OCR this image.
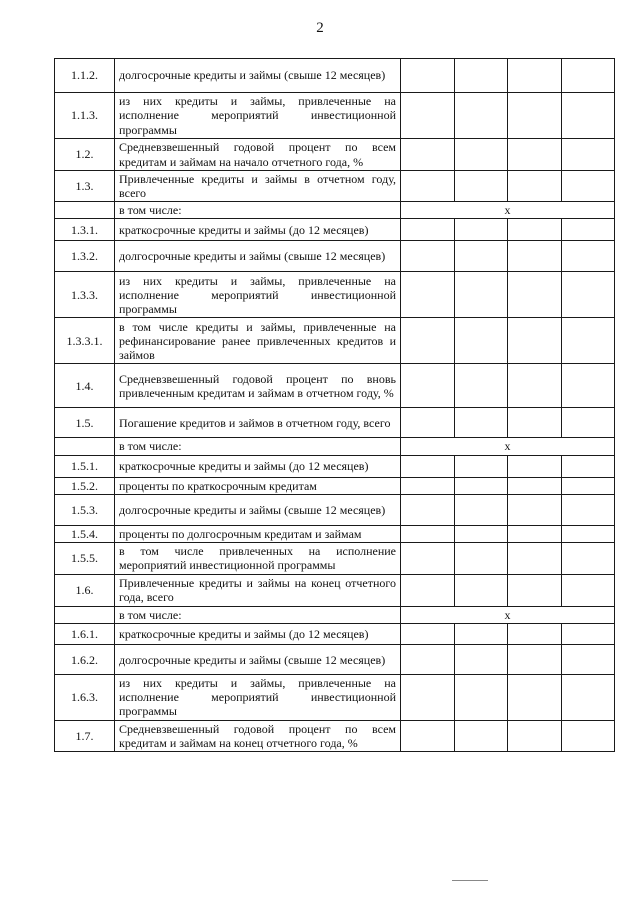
2
1.1.2.	долгосрочные кредиты и займы (свыше 12 месяцев)				
1.1.3.	из них кредиты и займы, привлеченные на исполнение мероприятий инвестиционной программы				
1.2.	Средневзвешенный годовой процент по всем кредитам и займам на начало отчетного года, %				
1.3.	Привлеченные кредиты и займы в отчетном году, всего				
	в том числе:	x			
1.3.1.	краткосрочные кредиты и займы (до 12 месяцев)				
1.3.2.	долгосрочные кредиты и займы (свыше 12 месяцев)				
1.3.3.	из них кредиты и займы, привлеченные на исполнение мероприятий инвестиционной программы				
1.3.3.1.	в том числе кредиты и займы, привлеченные на рефинансирование ранее привлеченных кредитов и займов				
1.4.	Средневзвешенный годовой процент по вновь привлеченным кредитам и займам в отчетном году, %				
1.5.	Погашение кредитов и займов в отчетном году, всего				
	в том числе:	x			
1.5.1.	краткосрочные кредиты и займы (до 12 месяцев)				
1.5.2.	проценты по краткосрочным кредитам				
1.5.3.	долгосрочные кредиты и займы (свыше 12 месяцев)				
1.5.4.	проценты по долгосрочным кредитам и займам				
1.5.5.	в том числе привлеченных на исполнение мероприятий инвестиционной программы				
1.6.	Привлеченные кредиты и займы на конец отчетного года, всего				
	в том числе:	x			
1.6.1.	краткосрочные кредиты и займы (до 12 месяцев)				
1.6.2.	долгосрочные кредиты и займы (свыше 12 месяцев)				
1.6.3.	из них кредиты и займы, привлеченные на исполнение мероприятий инвестиционной программы				
1.7.	Средневзвешенный годовой процент по всем кредитам и займам на конец отчетного года, %				
